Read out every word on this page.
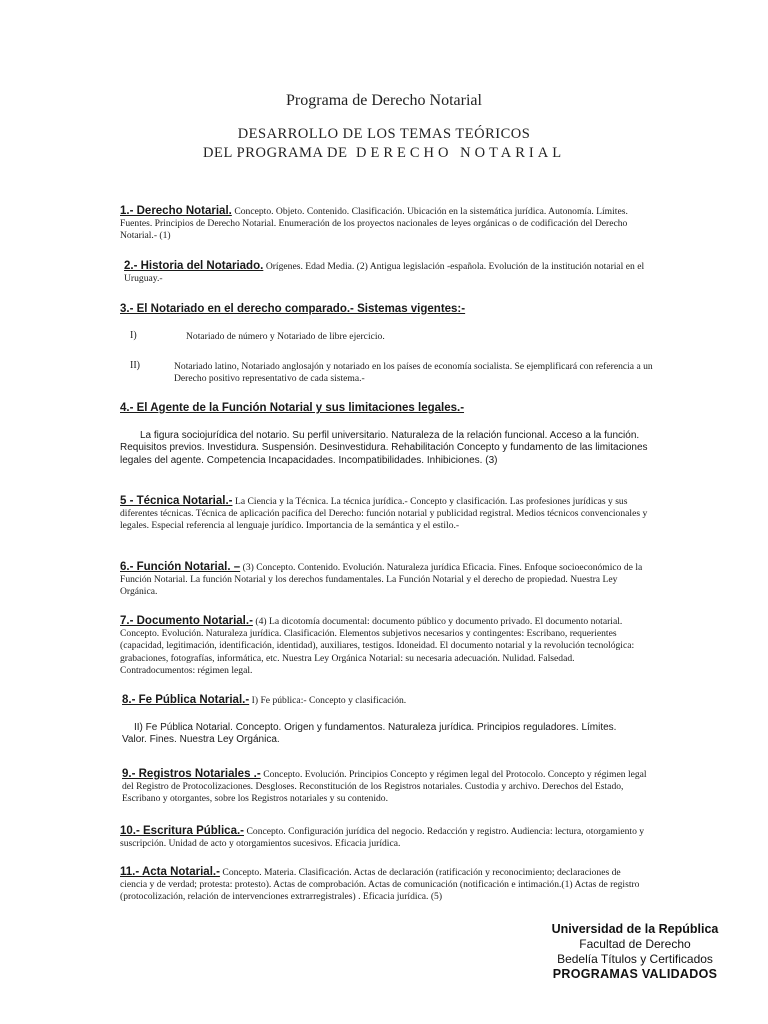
Programa de Derecho Notarial
DESARROLLO DE LOS TEMAS TEÓRICOS
DEL PROGRAMA DE DERECHO NOTARIAL
1.- Derecho Notarial. Concepto. Objeto. Contenido. Clasificación. Ubicación en la sistemática jurídica. Autonomía. Límites. Fuentes. Principios de Derecho Notarial. Enumeración de los proyectos nacionales de leyes orgánicas o de codificación del Derecho Notarial.- (1)
2.- Historia del Notariado. Orígenes. Edad Media. (2) Antigua legislación -española. Evolución de la institución notarial en el Uruguay.-
3.- El Notariado en el derecho comparado.- Sistemas vigentes:-
I)	Notariado de número y Notariado de libre ejercicio.
II)	Notariado latino, Notariado anglosajón y notariado en los países de economía socialista. Se ejemplificará con referencia a un Derecho positivo representativo de cada sistema.-
4.- El Agente de la Función Notarial y sus limitaciones legales.-
La figura sociojurídica del notario. Su perfil universitario. Naturaleza de la relación funcional. Acceso a la función. Requisitos previos. Investidura. Suspensión. Desinvestidura. Rehabilitación Concepto y fundamento de las limitaciones legales del agente. Competencia Incapacidades. Incompatibilidades. Inhibiciones. (3)
5 - Técnica Notarial.- La Ciencia y la Técnica. La técnica jurídica.- Concepto y clasificación. Las profesiones jurídicas y sus diferentes técnicas. Técnica de aplicación pacífica del Derecho: función notarial y publicidad registral. Medios técnicos convencionales y legales. Especial referencia al lenguaje jurídico. Importancia de la semántica y el estilo.-
6.- Función Notarial. – (3) Concepto. Contenido. Evolución. Naturaleza jurídica Eficacia. Fines. Enfoque socioeconómico de la Función Notarial. La función Notarial y los derechos fundamentales. La Función Notarial y el derecho de propiedad. Nuestra Ley Orgánica.
7.- Documento Notarial.- (4) La dicotomía documental: documento público y documento privado. El documento notarial. Concepto. Evolución. Naturaleza jurídica. Clasificación. Elementos subjetivos necesarios y contingentes: Escribano, requerientes (capacidad, legitimación, identificación, identidad), auxiliares, testigos. Idoneidad. El documento notarial y la revolución tecnológica: grabaciones, fotografías, informática, etc. Nuestra Ley Orgánica Notarial: su necesaria adecuación. Nulidad. Falsedad. Contradocumentos: régimen legal.
8.- Fe Pública Notarial.- I) Fe pública:- Concepto y clasificación.
II) Fe Pública Notarial. Concepto. Origen y fundamentos. Naturaleza jurídica. Principios reguladores. Límites. Valor. Fines. Nuestra Ley Orgánica.
9.- Registros Notariales .- Concepto. Evolución. Principios Concepto y régimen legal del Protocolo. Concepto y régimen legal del Registro de Protocolizaciones. Desgloses. Reconstitución de los Registros notariales. Custodia y archivo. Derechos del Estado, Escribano y otorgantes, sobre los Registros notariales y su contenido.
10.- Escritura Pública.- Concepto. Configuración jurídica del negocio. Redacción y registro. Audiencia: lectura, otorgamiento y suscripción. Unidad de acto y otorgamientos sucesivos. Eficacia jurídica.
11.- Acta Notarial.- Concepto. Materia. Clasificación. Actas de declaración (ratificación y reconocimiento; declaraciones de ciencia y de verdad; protesta: protesto). Actas de comprobación. Actas de comunicación (notificación e intimación.(1) Actas de registro (protocolización, relación de intervenciones extrarregistrales) . Eficacia jurídica. (5)
Universidad de la República
Facultad de Derecho
Bedelía Títulos y Certificados
PROGRAMAS VALIDADOS
